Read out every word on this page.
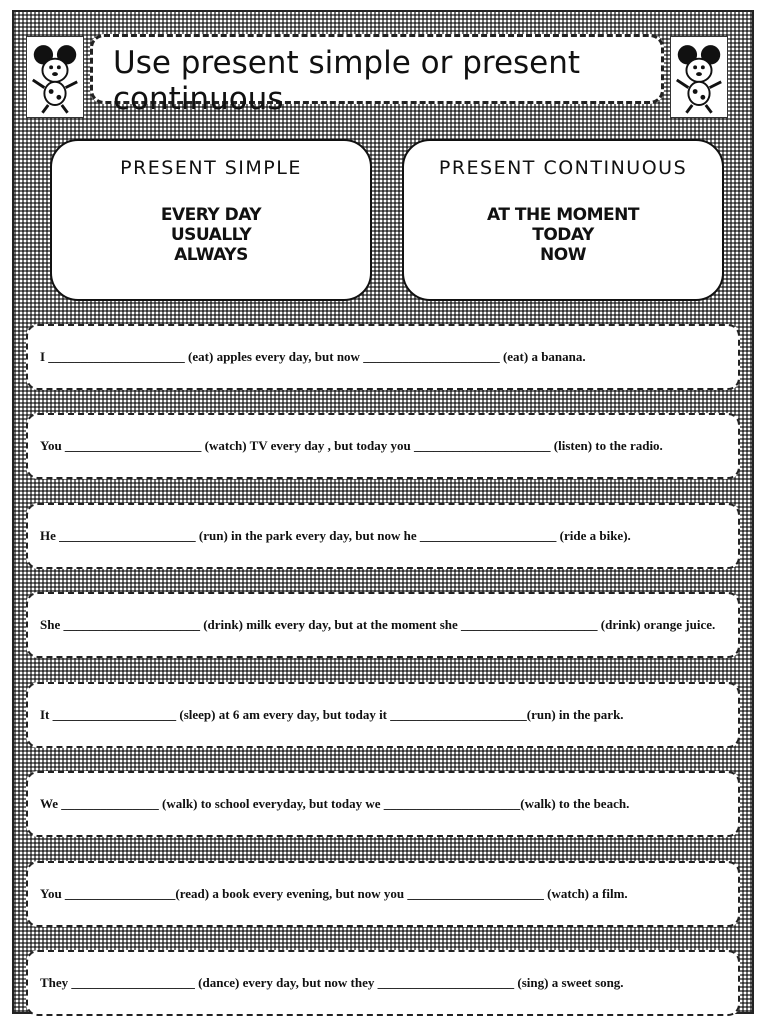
Use present simple or present continuous
PRESENT SIMPLE
EVERY DAY
USUALLY
ALWAYS
PRESENT CONTINUOUS
AT THE MOMENT
TODAY
NOW
I _____________________ (eat) apples every day, but now _____________________ (eat) a banana.
You _____________________ (watch) TV every day , but today you _____________________ (listen) to the radio.
He _____________________ (run) in the park every day, but now he _____________________ (ride a bike).
She _____________________ (drink) milk every day, but at the moment she _____________________ (drink) orange juice.
It ___________________ (sleep) at 6 am every day, but today it _____________________(run) in the park.
We _______________ (walk) to school everyday, but today we _____________________(walk) to the beach.
You _________________(read) a book every evening, but now you _____________________ (watch) a film.
They ___________________ (dance) every day, but now they _____________________ (sing) a sweet song.
